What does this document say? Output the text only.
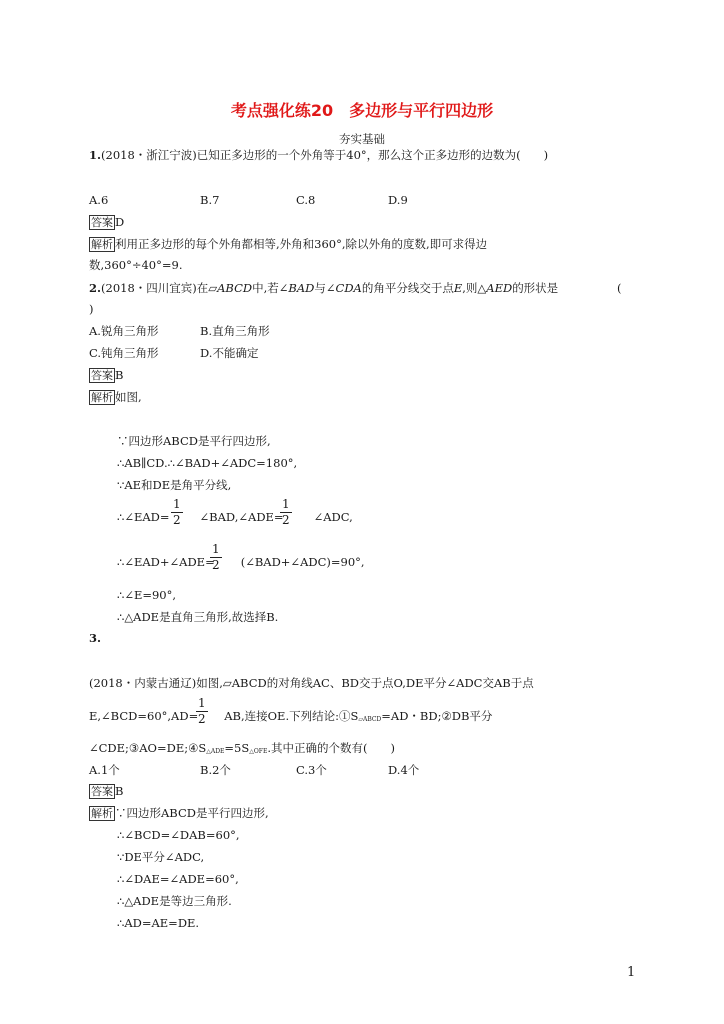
考点强化练20　多边形与平行四边形
夯实基础
1.(2018・浙江宁波)已知正多边形的一个外角等于40°，那么这个正多边形的边数为(　　)
A.6	B.7	C.8	D.9
答案 D
解析 利用正多边形的每个外角都相等,外角和360°,除以外角的度数,即可求得边
数,360°÷40°=9.
2.(2018・四川宜宾)在▱ABCD中,若∠BAD与∠CDA的角平分线交于点E,则△AED的形状是	(
)
A.锐角三角形	B.直角三角形
C.钝角三角形	D.不能确定
答案 B
解析 如图,
∵四边形ABCD是平行四边形,
∴AB∥CD.∴∠BAD+∠ADC=180°,
∵AE和DE是角平分线,
∴∠EAD=	∠BAD,∠ADE=	∠ADC,
$\frac{1}{2}$	$\frac{1}{2}$
∴∠EAD+∠ADE= (∠BAD+∠ADC)=90°,
$\frac{1}{2}$
∴∠E=90°,
∴△ADE是直角三角形,故选择B.
3.
(2018・内蒙古通辽)如图,▱ABCD的对角线AC、BD交于点O,DE平分∠ADC交AB于点
E,∠BCD=60°,AD= AB,连接OE.下列结论$:①S_{▱ABCD}=AD$・BD;②DB平分
$\frac{1}{2}$
$\angle CDE;③AO=DE;④S_{\triangle ADE}=5S_{\triangle OFE}$.其中正确的个数有(　　)
A.1个	B.2个	C.3个	D.4个
答案 B
解析 ∵四边形ABCD是平行四边形,
∴∠BCD=∠DAB=60°,
∵DE平分∠ADC,
∴∠DAE=∠ADE=60°,
∴△ADE是等边三角形.
∴AD=AE=DE.
1
